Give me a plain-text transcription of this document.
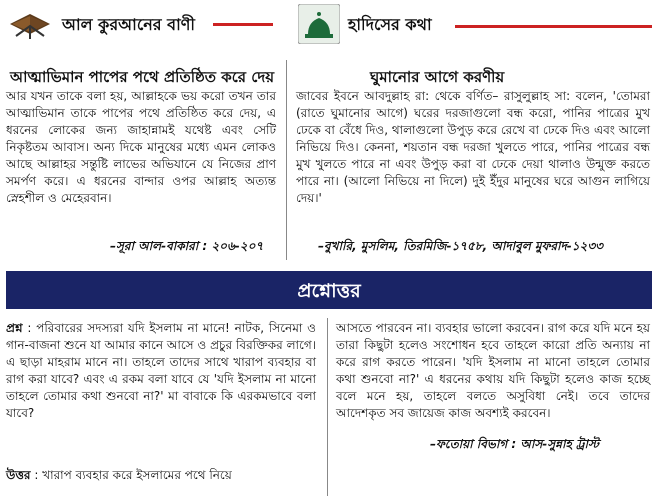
আল কুরআনের বাণী	হাদিসের কথা
আত্মাভিমান পাপের পথে প্রতিষ্ঠিত করে দেয়
আর যখন তাকে বলা হয়, আল্লাহকে ভয় করো তখন তার আত্মাভিমান তাকে পাপের পথে প্রতিষ্ঠিত করে দেয়, এ ধরনের লোকের জন্য জাহান্নামই যথেষ্ট এবং সেটি নিকৃষ্টতম আবাস। অন্য দিকে মানুষের মধ্যে এমন লোকও আছে আল্লাহর সন্তুষ্টি লাভের অভিযানে যে নিজের প্রাণ সমর্পণ করে। এ ধরনের বান্দার ওপর আল্লাহ অত্যন্ত স্নেহশীল ও মেহেরবান।
–সূরা আল-বাকারা : ২০৬-২০৭
ঘুমানোর আগে করণীয়
জাবের ইবনে আবদুল্লাহ রা: থেকে বর্ণিত– রাসুলুল্লাহ সা: বলেন, 'তোমরা (রাতে ঘুমানোর আগে) ঘরের দরজাগুলো বন্ধ করো, পানির পাত্রের মুখ ঢেকে বা বেঁধে দিও, থালাগুলো উপুড় করে রেখে বা ঢেকে দিও এবং আলো নিভিয়ে দিও। কেননা, শয়তান বন্ধ দরজা খুলতে পারে, পানির পাত্রের বন্ধ মুখ খুলতে পারে না এবং উপুড় করা বা ঢেকে দেয়া থালাও উন্মুক্ত করতে পারে না। (আলো নিভিয়ে না দিলে) দুই ইঁদুর মানুষের ঘরে আগুন লাগিয়ে দেয়।'
–বুখারি, মুসলিম, তিরমিজি-১৭৫৮, আদাবুল মুফরাদ-১২৩৩
প্রশ্নোত্তর
প্রশ্ন : পরিবারের সদস্যরা যদি ইসলাম না মানে! নাটক, সিনেমা ও গান-বাজনা শুনে যা আমার কানে আসে ও প্রচুর বিরক্তিকর লাগে। এ ছাড়া মাহরাম মানে না। তাহলে তাদের সাথে খারাপ ব্যবহার বা রাগ করা যাবে? এবং এ রকম বলা যাবে যে 'যদি ইসলাম না মানো তাহলে তোমার কথা শুনবো না?' মা বাবাকে কি এরকমভাবে বলা যাবে?
উত্তর : খারাপ ব্যবহার করে ইসলামের পথে নিয়ে
আসতে পারবেন না। ব্যবহার ভালো করবেন। রাগ করে যদি মনে হয় তারা কিছুটা হলেও সংশোধন হবে তাহলে কারো প্রতি অন্যায় না করে রাগ করতে পারেন। 'যদি ইসলাম না মানো তাহলে তোমার কথা শুনবো না?' এ ধরনের কথায় যদি কিছুটা হলেও কাজ হচ্ছে বলে মনে হয়, তাহলে বলতে অসুবিধা নেই। তবে তাদের আদেশকৃত সব জায়েজ কাজ অবশ্যই করবেন।
–ফতোয়া বিভাগ : আস-সুন্নাহ ট্রাস্ট
